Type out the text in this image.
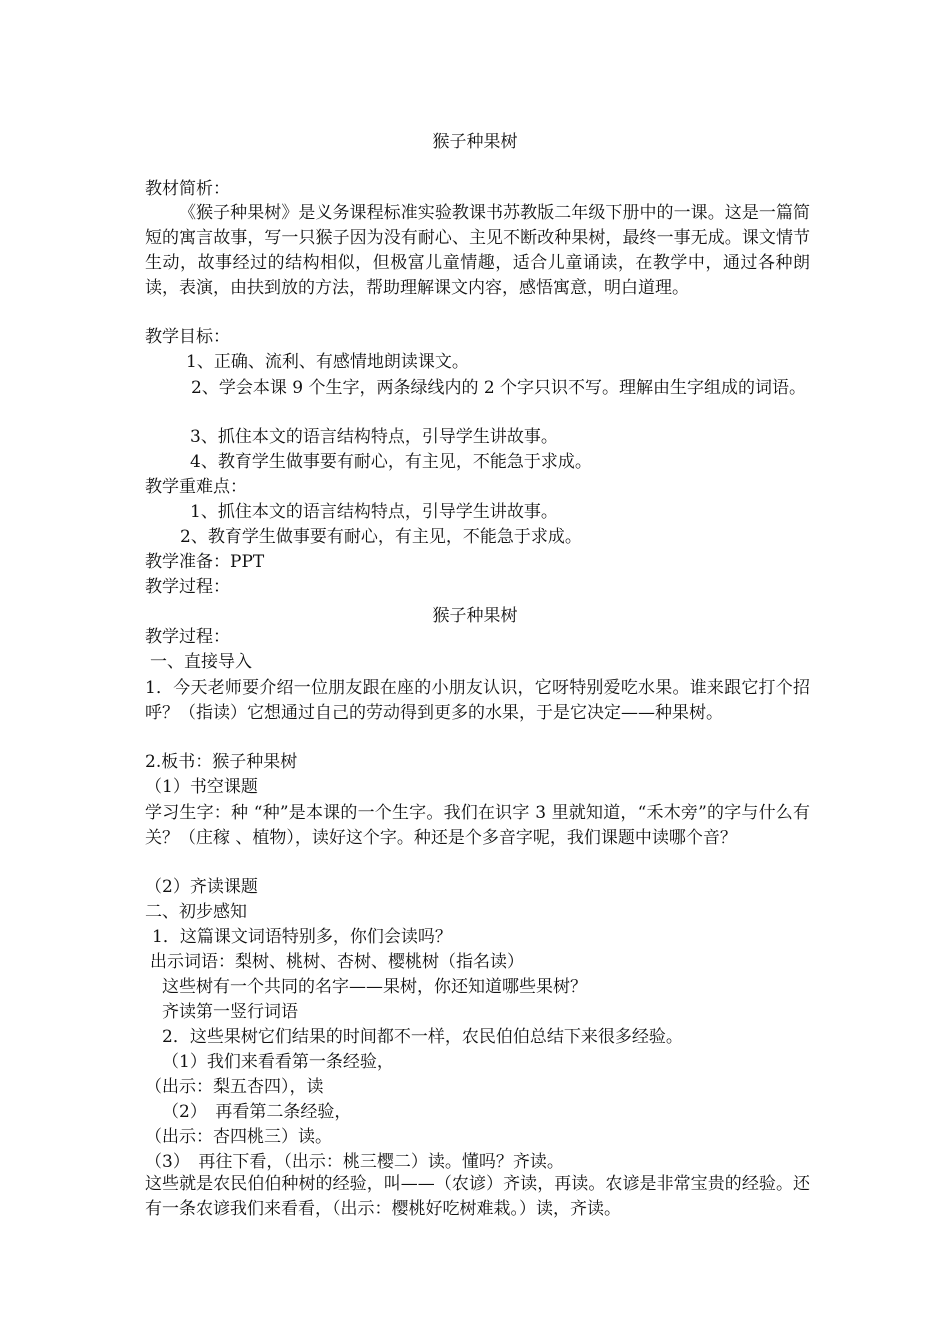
猴子种果树
教材简析：
《猴子种果树》是义务课程标准实验教课书苏教版二年级下册中的一课。这是一篇简短的寓言故事，写一只猴子因为没有耐心、主见不断改种果树，最终一事无成。课文情节生动，故事经过的结构相似，但极富儿童情趣，适合儿童诵读，在教学中，通过各种朗读，表演，由扶到放的方法，帮助理解课文内容，感悟寓意，明白道理。
教学目标：
1、正确、流利、有感情地朗读课文。
2、学会本课 9 个生字，两条绿线内的 2 个字只识不写。理解由生字组成的词语。
3、抓住本文的语言结构特点，引导学生讲故事。
4、教育学生做事要有耐心，有主见，不能急于求成。
教学重难点：
1、抓住本文的语言结构特点，引导学生讲故事。
2、教育学生做事要有耐心，有主见，不能急于求成。
教学准备：PPT
教学过程：
猴子种果树
教学过程：
一、直接导入
1．今天老师要介绍一位朋友跟在座的小朋友认识，它呀特别爱吃水果。谁来跟它打个招呼？（指读）它想通过自己的劳动得到更多的水果，于是它决定——种果树。
2.板书：猴子种果树
（1）书空课题
学习生字：种 “种”是本课的一个生字。我们在识字 3 里就知道，“禾木旁”的字与什么有关？（庄稼 、植物），读好这个字。种还是个多音字呢，我们课题中读哪个音？
（2）齐读课题
二、初步感知
1．这篇课文词语特别多，你们会读吗？
出示词语：梨树、桃树、杏树、樱桃树（指名读）
这些树有一个共同的名字——果树，你还知道哪些果树？
齐读第一竖行词语
2．这些果树它们结果的时间都不一样，农民伯伯总结下来很多经验。
（1）我们来看看第一条经验，
（出示：梨五杏四），读
（2）　再看第二条经验，
（出示：杏四桃三）读。
（3）　再往下看，（出示：桃三樱二）读。懂吗？齐读。
这些就是农民伯伯种树的经验，叫——（农谚）齐读，再读。农谚是非常宝贵的经验。还有一条农谚我们来看看，（出示：樱桃好吃树难栽。）读，齐读。
